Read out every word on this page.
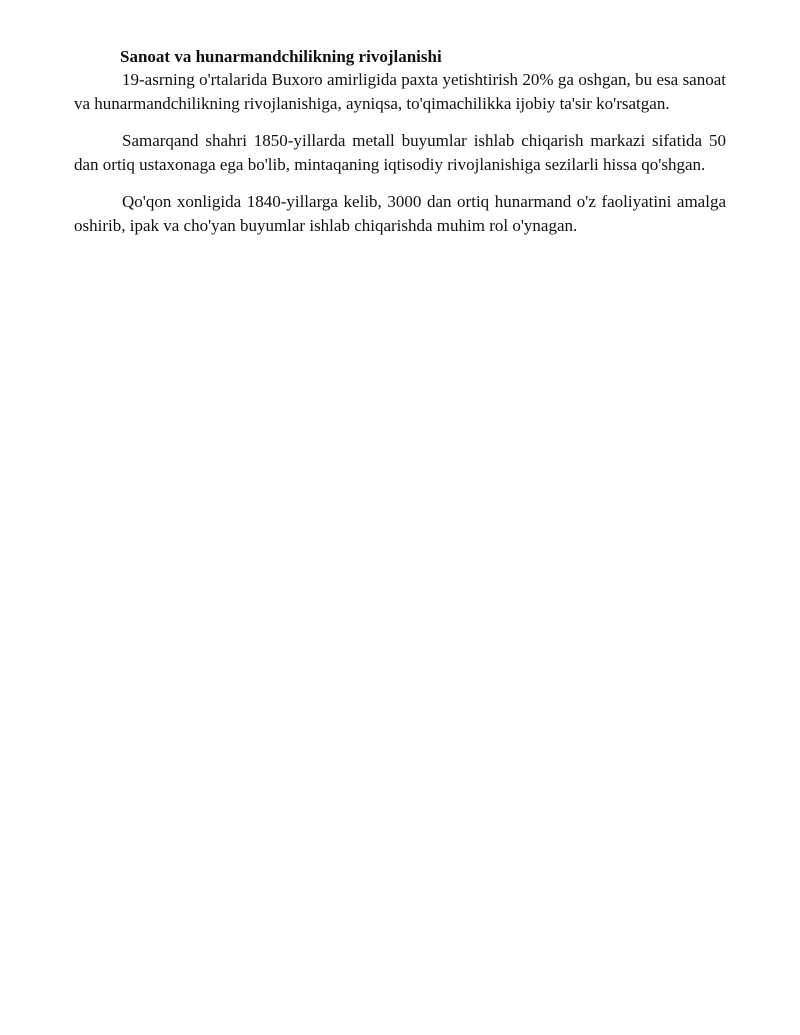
Sanoat va hunarmandchilikning rivojlanishi

19-asrning o'rtalarida Buxoro amirligida paxta yetishtirish 20% ga oshgan, bu esa sanoat va hunarmandchilikning rivojlanishiga, ayniqsa, to'qimachilikka ijobiy ta'sir ko'rsatgan.

Samarqand shahri 1850-yillarda metall buyumlar ishlab chiqarish markazi sifatida 50 dan ortiq ustaxonaga ega bo'lib, mintaqaning iqtisodiy rivojlanishiga sezilarli hissa qo'shgan.

Qo'qon xonligida 1840-yillarga kelib, 3000 dan ortiq hunarmand o'z faoliyatini amalga oshirib, ipak va cho'yan buyumlar ishlab chiqarishda muhim rol o'ynagan.
